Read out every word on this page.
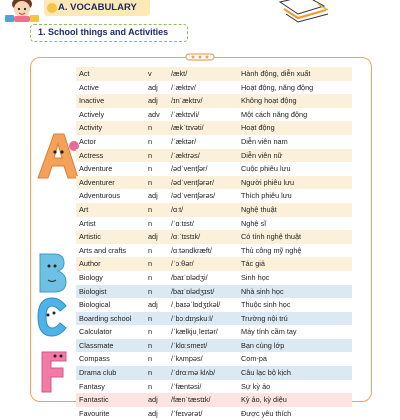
A. VOCABULARY
1. School things and Activities
Act	v	/ækt/	Hành động, diễn xuất
Active	adj	/ˈæktɪv/	Hoạt động, năng động
Inactive	adj	/ɪnˈæktɪv/	Không hoạt động
Actively	adv	/ˈæktɪvli/	Một cách năng động
Activity	n	/ækˈtɪvəti/	Hoạt động
Actor	n	/ˈæktər/	Diễn viên nam
Actress	n	/ˈæktrəs/	Diễn viên nữ
Adventure	n	/ədˈventʃər/	Cuộc phiêu lưu
Adventurer	n	/ədˈventʃərər/	Người phiêu lưu
Adventurous	adj	/ədˈventʃərəs/	Thích phiêu lưu
Art	n	/ɑːt/	Nghệ thuật
Artist	n	/ˈɑːtɪst/	Nghệ sĩ
Artistic	adj	/ɑːˈtɪstɪk/	Có tính nghệ thuật
Arts and crafts	n	/ɑːtəndkræft/	Thủ công mỹ nghệ
Author	n	/ˈɔːθər/	Tác giả
Biology	n	/baɪˈɒlədʒi/	Sinh học
Biologist	n	/baɪˈɒlədʒɪst/	Nhà sinh học
Biological	adj	/ˌbaɪəˈlɒdʒɪkəl/	Thuộc sinh học
Boarding school	n	/ˈbɔːdɪŋskuːl/	Trường nội trú
Calculator	n	/ˈkælkjuˌleɪtər/	Máy tính cầm tay
Classmate	n	/ˈklɑːsmeɪt/	Bạn cùng lớp
Compass	n	/ˈkʌmpəs/	Com-pa
Drama club	n	/ˈdrɑːmə klʌb/	Câu lạc bộ kịch
Fantasy	n	/ˈfæntəsi/	Sự kỳ ảo
Fantastic	adj	/fænˈtæstɪk/	Kỳ ảo, kỳ diệu
Favourite	adj	/ˈfeɪvərət/	Được yêu thích
